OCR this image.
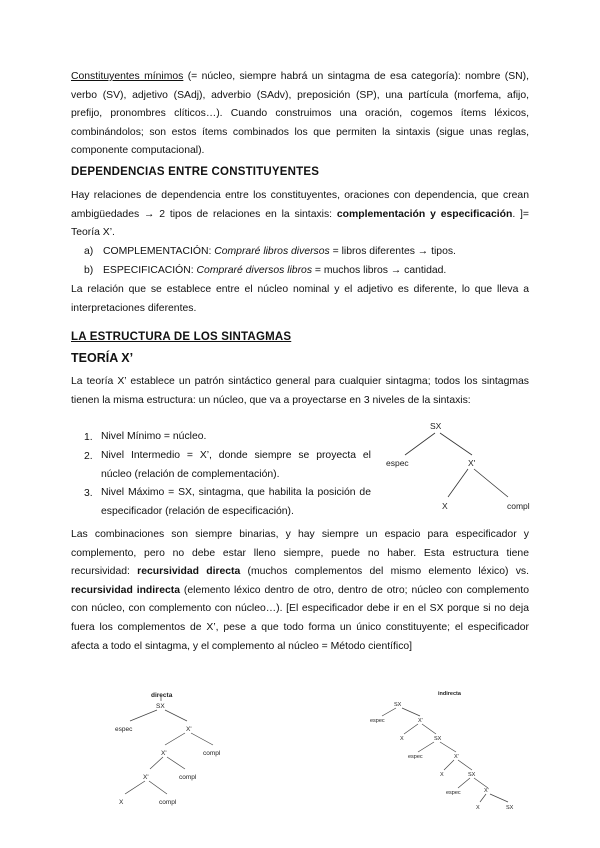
Constituyentes mínimos (= núcleo, siempre habrá un sintagma de esa categoría): nombre (SN), verbo (SV), adjetivo (SAdj), adverbio (SAdv), preposición (SP), una partícula (morfema, afijo, prefijo, pronombres clíticos…). Cuando construimos una oración, cogemos ítems léxicos, combinándolos; son estos ítems combinados los que permiten la sintaxis (sigue unas reglas, componente computacional).
DEPENDENCIAS ENTRE CONSTITUYENTES
Hay relaciones de dependencia entre los constituyentes, oraciones con dependencia, que crean ambigüedades → 2 tipos de relaciones en la sintaxis: complementación y especificación. ]= Teoría X’.
a) COMPLEMENTACIÓN: Compraré libros diversos = libros diferentes → tipos.
b) ESPECIFICACIÓN: Compraré diversos libros = muchos libros → cantidad.
La relación que se establece entre el núcleo nominal y el adjetivo es diferente, lo que lleva a interpretaciones diferentes.
LA ESTRUCTURA DE LOS SINTAGMAS
TEORÍA X’
La teoría X’ establece un patrón sintáctico general para cualquier sintagma; todos los sintagmas tienen la misma estructura: un núcleo, que va a proyectarse en 3 niveles de la sintaxis:
1. Nivel Mínimo = núcleo.
2. Nivel Intermedio = X’, donde siempre se proyecta el núcleo (relación de complementación).
3. Nivel Máximo = SX, sintagma, que habilita la posición de especificador (relación de especificación).
SX
espec	X'
X	compl
Las combinaciones son siempre binarias, y hay siempre un espacio para especificador y complemento, pero no debe estar lleno siempre, puede no haber. Esta estructura tiene recursividad: recursividad directa (muchos complementos del mismo elemento léxico) vs. recursividad indirecta (elemento léxico dentro de otro, dentro de otro; núcleo con complemento con núcleo, con complemento con núcleo…). [El especificador debe ir en el SX porque si no deja fuera los complementos de X’, pese a que todo forma un único constituyente; el especificador afecta a todo el sintagma, y el complemento al núcleo = Método científico]
directa
SX
espec	X'
compl
X'
compl
X'
X	compl
indirecta
SX
espec	X'
X	SX
espec	X'
X	SX
espec	X'
X	SX
